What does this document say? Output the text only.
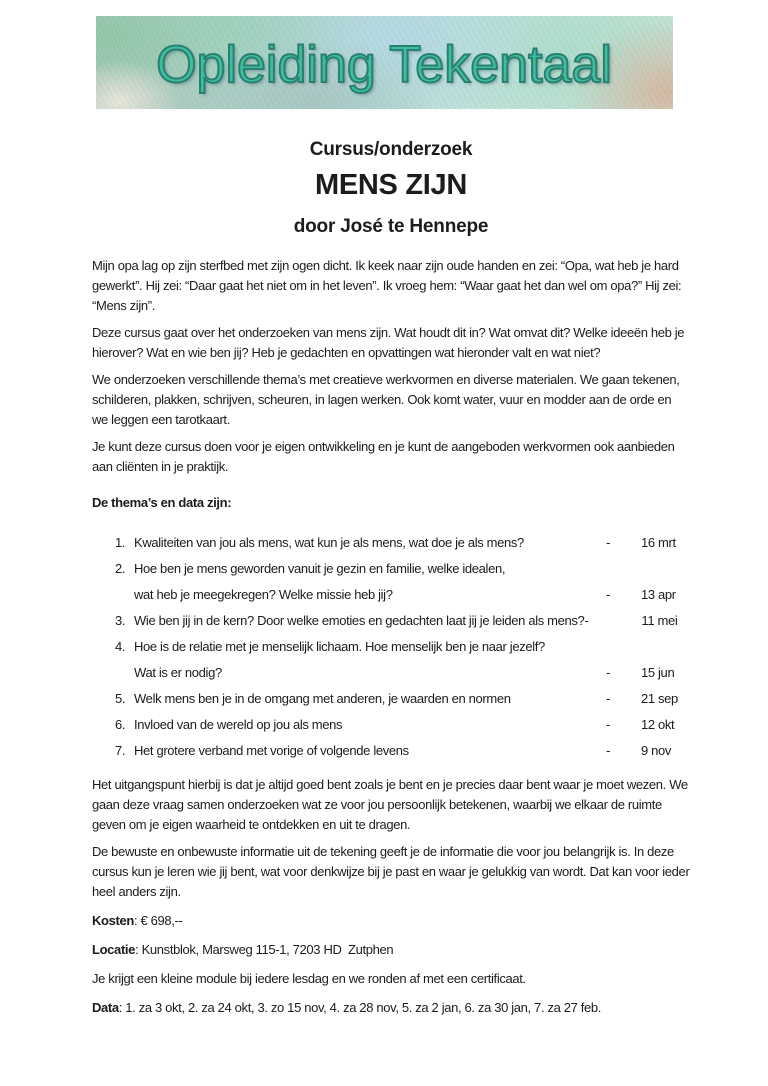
Opleiding Tekentaal
Cursus/onderzoek
MENS ZIJN
door José te Hennepe

Mijn opa lag op zijn sterfbed met zijn ogen dicht. Ik keek naar zijn oude handen en zei: “Opa, wat heb je hard gewerkt”. Hij zei: “Daar gaat het niet om in het leven”. Ik vroeg hem: “Waar gaat het dan wel om opa?” Hij zei: “Mens zijn”.

Deze cursus gaat over het onderzoeken van mens zijn. Wat houdt dit in? Wat omvat dit? Welke ideeën heb je hierover? Wat en wie ben jij? Heb je gedachten en opvattingen wat hieronder valt en wat niet?

We onderzoeken verschillende thema’s met creatieve werkvormen en diverse materialen. We gaan tekenen, schilderen, plakken, schrijven, scheuren, in lagen werken. Ook komt water, vuur en modder aan de orde en we leggen een tarotkaart.

Je kunt deze cursus doen voor je eigen ontwikkeling en je kunt de aangeboden werkvormen ook aanbieden aan cliënten in je praktijk.

De thema’s en data zijn:
1. Kwaliteiten van jou als mens, wat kun je als mens, wat doe je als mens?	-	16 mrt
2. Hoe ben je mens geworden vanuit je gezin en familie, welke idealen,
wat heb je meegekregen? Welke missie heb jij?	-	13 apr
3. Wie ben jij in de kern? Door welke emoties en gedachten laat jij je leiden als mens?-	11 mei
4. Hoe is de relatie met je menselijk lichaam. Hoe menselijk ben je naar jezelf?
Wat is er nodig?	-	15 jun
5. Welk mens ben je in de omgang met anderen, je waarden en normen	-	21 sep
6. Invloed van de wereld op jou als mens	-	12 okt
7. Het grotere verband met vorige of volgende levens	-	9 nov

Het uitgangspunt hierbij is dat je altijd goed bent zoals je bent en je precies daar bent waar je moet wezen. We gaan deze vraag samen onderzoeken wat ze voor jou persoonlijk betekenen, waarbij we elkaar de ruimte geven om je eigen waarheid te ontdekken en uit te dragen.

De bewuste en onbewuste informatie uit de tekening geeft je de informatie die voor jou belangrijk is. In deze cursus kun je leren wie jij bent, wat voor denkwijze bij je past en waar je gelukkig van wordt. Dat kan voor ieder heel anders zijn.

Kosten: € 698,--

Locatie: Kunstblok, Marsweg 115-1, 7203 HD  Zutphen

Je krijgt een kleine module bij iedere lesdag en we ronden af met een certificaat.

Data: 1. za 3 okt, 2. za 24 okt, 3. zo 15 nov, 4. za 28 nov, 5. za 2 jan, 6. za 30 jan, 7. za 27 feb.
